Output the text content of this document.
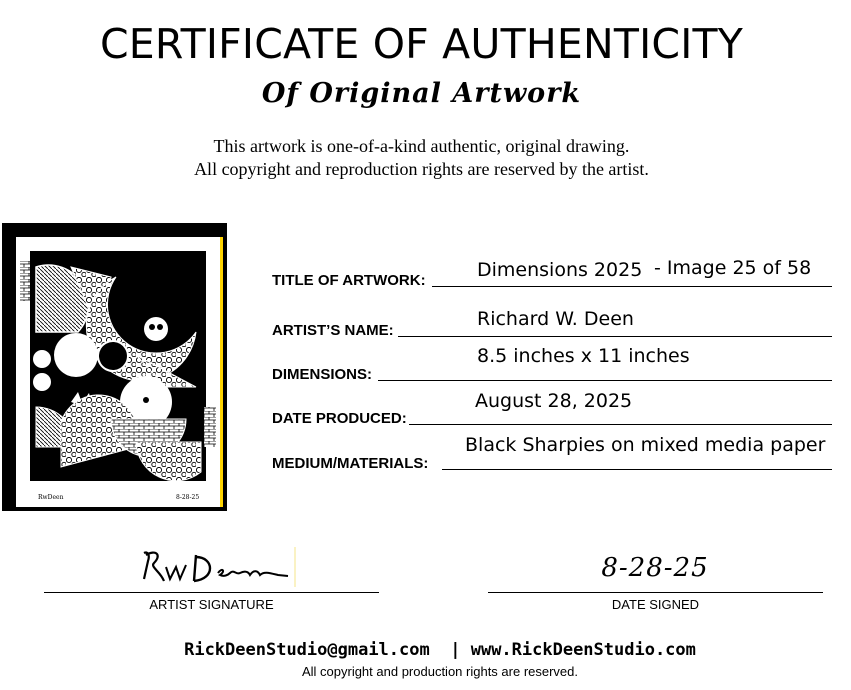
CERTIFICATE OF AUTHENTICITY
Of Original Artwork
This artwork is one-of-a-kind authentic, original drawing.
All copyright and reproduction rights are reserved by the artist.
RwDeen	8-28-25
TITLE OF ARTWORK:	Dimensions 2025 - Image 25 of 58
ARTIST’S NAME:
Richard W. Deen
DIMENSIONS:
8.5 inches x 11 inches
DATE PRODUCED:
August 28, 2025
MEDIUM/MATERIALS:
Black Sharpies on mixed media paper
ARTIST SIGNATURE
8-28-25
DATE SIGNED
RickDeenStudio@gmail.com | www.RickDeenStudio.com
All copyright and production rights are reserved.
